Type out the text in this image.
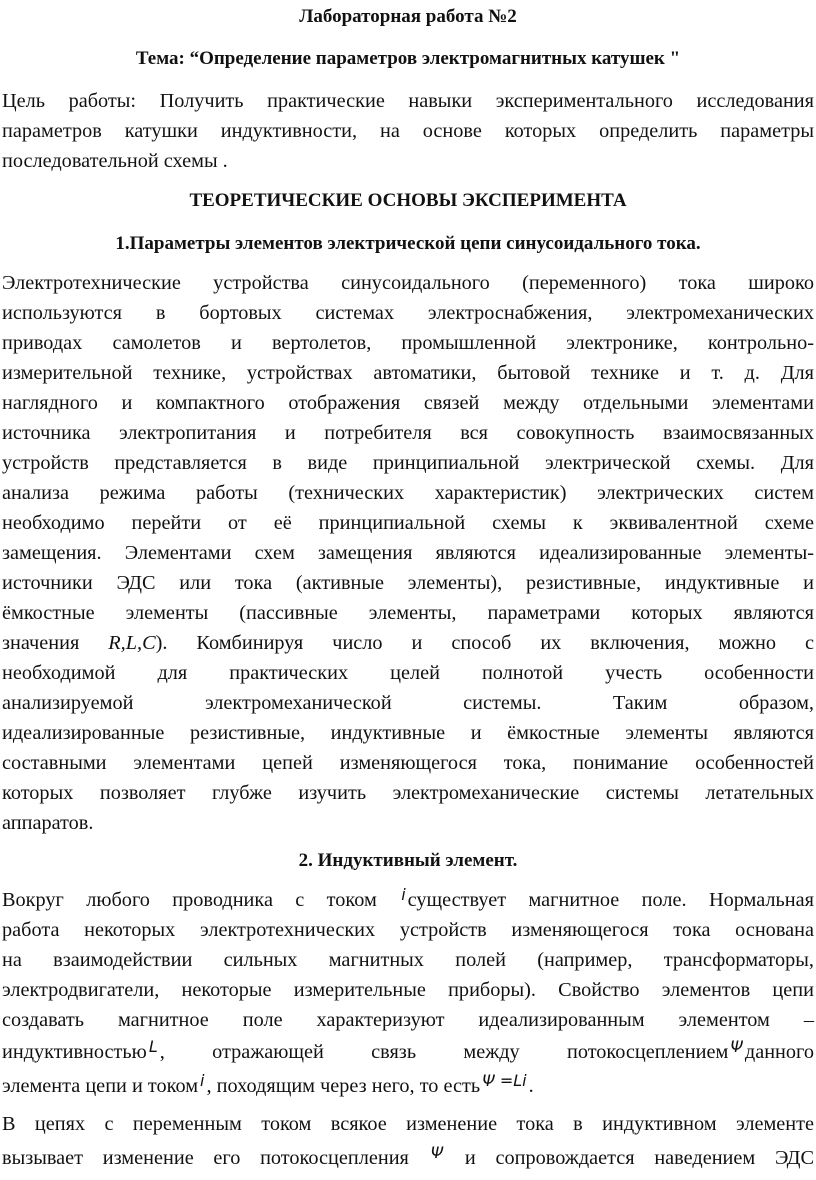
Лабораторная работа №2

Тема: “Определение параметров электромагнитных катушек "

Цель работы: Получить практические навыки экспериментального исследования
параметров катушки индуктивности, на основе которых определить параметры
последовательной схемы .

ТЕОРЕТИЧЕСКИЕ ОСНОВЫ ЭКСПЕРИМЕНТА

1.Параметры элементов электрической цепи синусоидального тока.

Электротехнические устройства синусоидального (переменного) тока широко
используются в бортовых системах электроснабжения, электромеханических
приводах самолетов и вертолетов, промышленной электронике, контрольно-
измерительной технике, устройствах автоматики, бытовой технике и т. д. Для
наглядного и компактного отображения связей между отдельными элементами
источника электропитания и потребителя вся совокупность взаимосвязанных
устройств представляется в виде принципиальной электрической схемы. Для
анализа режима работы (технических характеристик) электрических систем
необходимо перейти от её принципиальной схемы к эквивалентной схеме
замещения. Элементами схем замещения являются идеализированные элементы-
источники ЭДС или тока (активные элементы), резистивные, индуктивные и
ёмкостные элементы (пассивные элементы, параметрами которых являются
значения R,L,C). Комбинируя число и способ их включения, можно с
необходимой для практических целей полнотой учесть особенности
анализируемой электромеханической системы. Таким образом,
идеализированные резистивные, индуктивные и ёмкостные элементы являются
составными элементами цепей изменяющегося тока, понимание особенностей
которых позволяет глубже изучить электромеханические системы летательных
аппаратов.

2. Индуктивный элемент.

Вокруг любого проводника с током $^i$существует магнитное поле. Нормальная
работа некоторых электротехнических устройств изменяющегося тока основана
на взаимодействии сильных магнитных полей (например, трансформаторы,
электродвигатели, некоторые измерительные приборы). Свойство элементов цепи
создавать магнитное поле характеризуют идеализированным элементом –
индуктивностью $^L$, отражающей связь между потокосцеплением $^\Psi$данного
элемента цепи и током $^i$, походящим через него, то есть $^{\Psi =Li}$.
В цепях с переменным током всякое изменение тока в индуктивном элементе
вызывает изменение его потокосцепления $^\Psi$ и сопровождается наведением ЭДС
